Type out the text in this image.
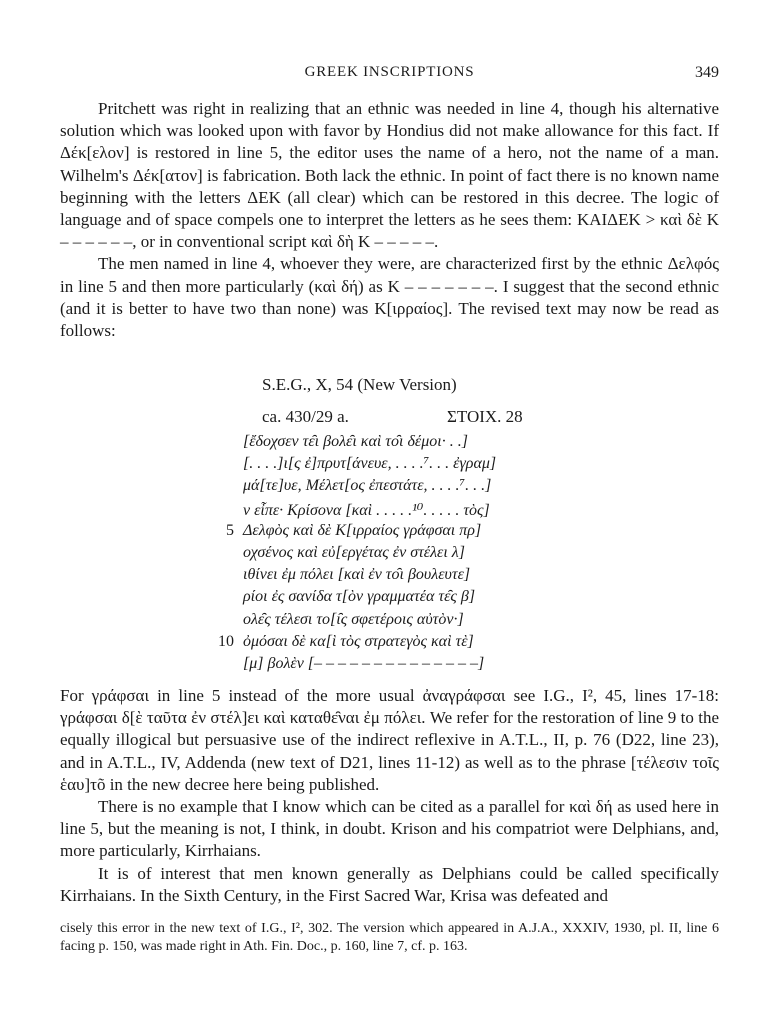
GREEK INSCRIPTIONS	349

Pritchett was right in realizing that an ethnic was needed in line 4, though his alternative solution which was looked upon with favor by Hondius did not make allowance for this fact. If Δέκ[ελον] is restored in line 5, the editor uses the name of a hero, not the name of a man. Wilhelm's Δέκ[ατον] is fabrication. Both lack the ethnic. In point of fact there is no known name beginning with the letters ΔΕΚ (all clear) which can be restored in this decree. The logic of language and of space compels one to interpret the letters as he sees them: ΚΑΙΔΕΚ > καὶ δὲ Κ – – – – – –, or in conventional script καὶ δὴ Κ – – – – –.

The men named in line 4, whoever they were, are characterized first by the ethnic Δελφός in line 5 and then more particularly (καὶ δή) as Κ – – – – – – –. I suggest that the second ethnic (and it is better to have two than none) was Κ[ιρραίος]. The revised text may now be read as follows:

S.E.G., X, 54 (New Version)
ca. 430/29 a.	ΣΤΟΙΧ. 28
[ἔδοχσεν τε̑ι βολε̑ι καὶ το̑ι δέμοι· . .]
[. . . .]ι[ς ἐ]πρυτ[άνευε, . . . .⁷. . . ἐγραμ]
μά[τε]υε, Μέλετ[ος ἐπεστάτε, . . . .⁷. . .]
ν εἶπε· Κρίσονα [καὶ . . . . .¹⁰. . . . . τὸς]
5 Δελφὸς καὶ δὲ Κ[ιρραίος γράφσαι πρ]
οχσένος καὶ εὐ[εργέτας ἐν στέλει λ]
ιθίνει ἐμ πόλει [καὶ ἐν το̑ι βουλευτε]
ρίοι ἐς σανίδα τ[ὸν γραμματέα τε̑ς β]
ολε̑ς τέλεσι το[ι̑ς σφετέροις αὐτὸν·]
10 ὀμόσαι δὲ κα[ὶ τὸς στρατεγὸς καὶ τὲ]
[μ] βολὲν [– – – – – – – – – – – – – –]

For γράφσαι in line 5 instead of the more usual ἀναγράφσαι see I.G., I², 45, lines 17-18: γράφσαι δ[ὲ ταῦτα ἐν στέλ]ει καὶ καταθε̑ναι ἐμ πόλει. We refer for the restoration of line 9 to the equally illogical but persuasive use of the indirect reflexive in A.T.L., II, p. 76 (D22, line 23), and in A.T.L., IV, Addenda (new text of D21, lines 11-12) as well as to the phrase [τέλεσιν τοῖς ἑαυ]τõ in the new decree here being published.

There is no example that I know which can be cited as a parallel for καὶ δή as used here in line 5, but the meaning is not, I think, in doubt. Krison and his compatriot were Delphians, and, more particularly, Kirrhaians.

It is of interest that men known generally as Delphians could be called specifically Kirrhaians. In the Sixth Century, in the First Sacred War, Krisa was defeated and

cisely this error in the new text of I.G., I², 302. The version which appeared in A.J.A., XXXIV, 1930, pl. II, line 6 facing p. 150, was made right in Ath. Fin. Doc., p. 160, line 7, cf. p. 163.
